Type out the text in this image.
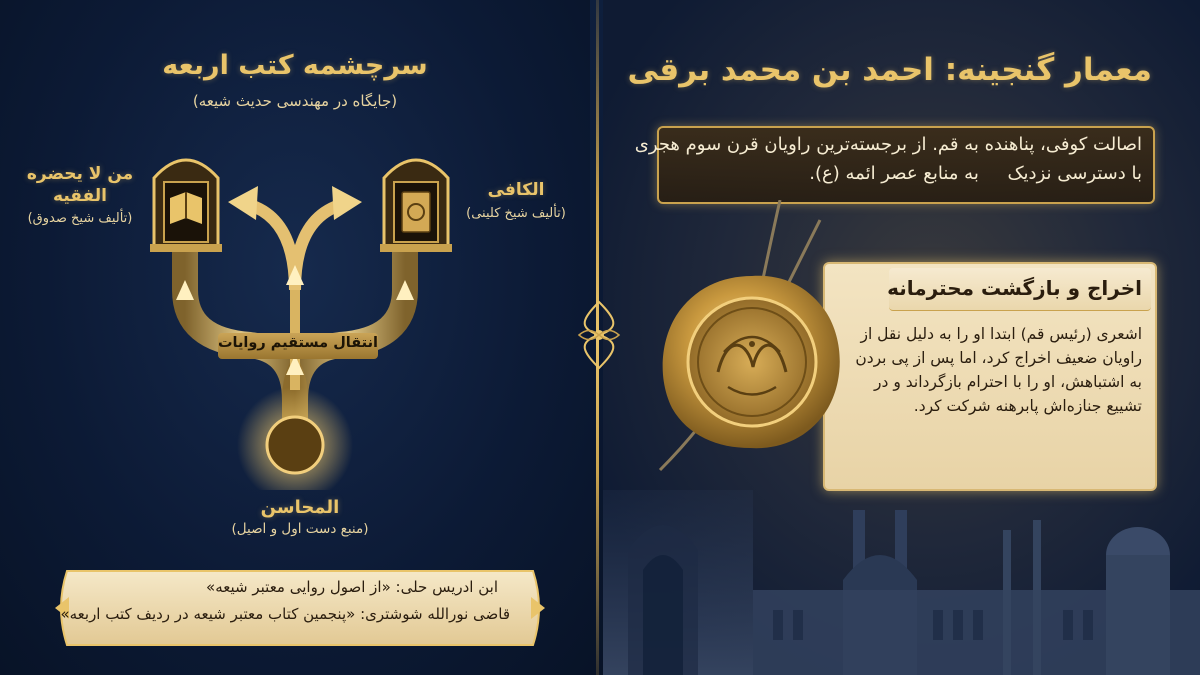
معمار گنجینه: احمد بن محمد برقی
اصالت کوفی، پناهنده به قم. از برجسته‌ترین راویان قرن سوم هجری
با دسترسی نزدیک     به منابع عصر ائمه (ع).
اخراج و بازگشت محترمانه
اشعری (رئیس قم) ابتدا او را به دلیل نقل از
راویان ضعیف اخراج کرد، اما پس از پی بردن
به اشتباهش، او را با احترام بازگرداند و در
تشییع جنازه‌اش پابرهنه شرکت کرد.
سرچشمه کتب اربعه
(جایگاه در مهندسی حدیث شیعه)
انتقال مستقیم روایات
من لا یحضره
الفقیه
(تألیف شیخ صدوق)
الکافی
(تألیف شیخ کلینی)
المحاسن
(منبع دست اول و اصیل)
ابن ادریس حلی: «از اصول روایی معتبر شیعه»
قاضی نورالله شوشتری: «پنجمین کتاب معتبر شیعه در ردیف کتب اربعه»
